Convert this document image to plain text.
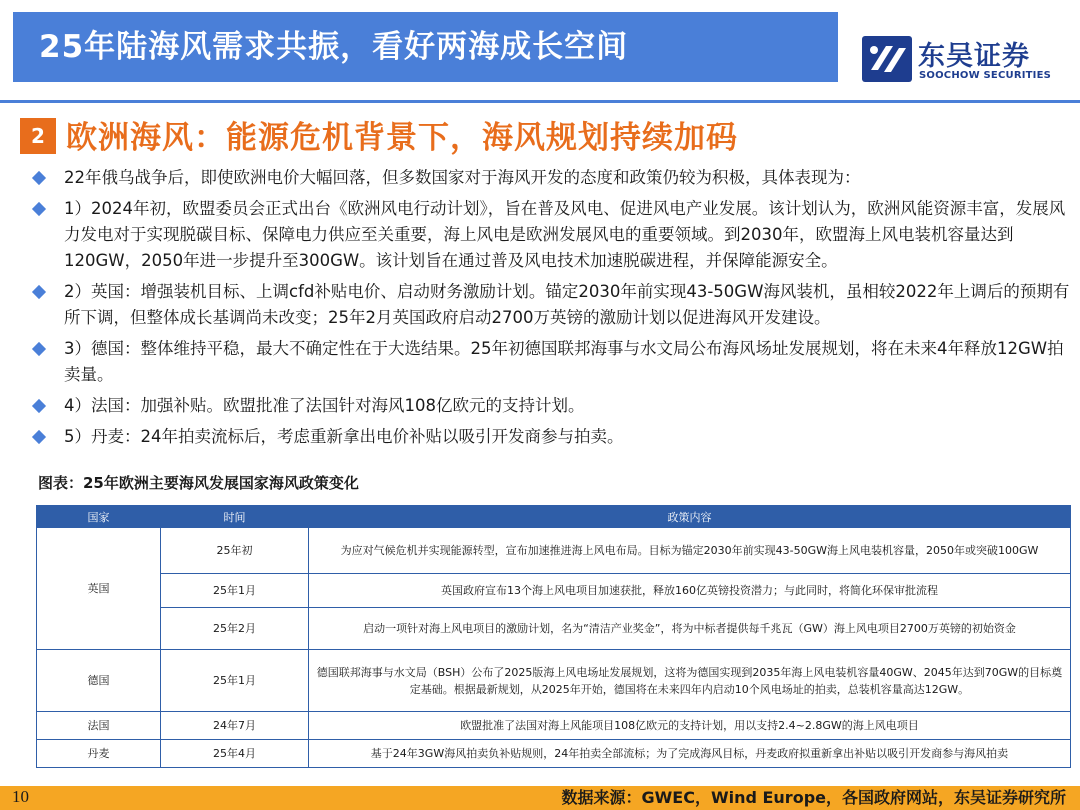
25年陆海风需求共振，看好两海成长空间	东吴证券
SOOCHOW SECURITIES
2 欧洲海风：能源危机背景下，海风规划持续加码
22年俄乌战争后，即使欧洲电价大幅回落，但多数国家对于海风开发的态度和政策仍较为积极，具体表现为：
1）2024年初，欧盟委员会正式出台《欧洲风电行动计划》，旨在普及风电、促进风电产业发展。该计划认为，欧洲风能资源丰富，发展风力发电对于实现脱碳目标、保障电力供应至关重要，海上风电是欧洲发展风电的重要领域。到2030年，欧盟海上风电装机容量达到120GW，2050年进一步提升至300GW。该计划旨在通过普及风电技术加速脱碳进程，并保障能源安全。
2）英国：增强装机目标、上调cfd补贴电价、启动财务激励计划。锚定2030年前实现43-50GW海风装机，虽相较2022年上调后的预期有所下调，但整体成长基调尚未改变；25年2月英国政府启动2700万英镑的激励计划以促进海风开发建设。
3）德国：整体维持平稳，最大不确定性在于大选结果。25年初德国联邦海事与水文局公布海风场址发展规划，将在未来4年释放12GW拍卖量。
4）法国：加强补贴。欧盟批准了法国针对海风108亿欧元的支持计划。
5）丹麦：24年拍卖流标后，考虑重新拿出电价补贴以吸引开发商参与拍卖。
图表：25年欧洲主要海风发展国家海风政策变化
国家	时间	政策内容
英国	25年初	为应对气候危机并实现能源转型，宣布加速推进海上风电布局。目标为锚定2030年前实现43-50GW海上风电装机容量，2050年或突破100GW
	25年1月	英国政府宣布13个海上风电项目加速获批，释放160亿英镑投资潜力；与此同时，将简化环保审批流程
	25年2月	启动一项针对海上风电项目的激励计划，名为“清洁产业奖金”，将为中标者提供每千兆瓦（GW）海上风电项目2700万英镑的初始资金
德国	25年1月	德国联邦海事与水文局（BSH）公布了2025版海上风电场址发展规划，这将为德国实现到2035年海上风电装机容量40GW、2045年达到70GW的目标奠定基础。根据最新规划，从2025年开始，德国将在未来四年内启动10个风电场址的拍卖，总装机容量高达12GW。
法国	24年7月	欧盟批准了法国对海上风能项目108亿欧元的支持计划，用以支持2.4~2.8GW的海上风电项目
丹麦	25年4月	基于24年3GW海风拍卖负补贴规则，24年拍卖全部流标；为了完成海风目标，丹麦政府拟重新拿出补贴以吸引开发商参与海风拍卖
10	数据来源：GWEC，Wind Europe，各国政府网站，东吴证券研究所
